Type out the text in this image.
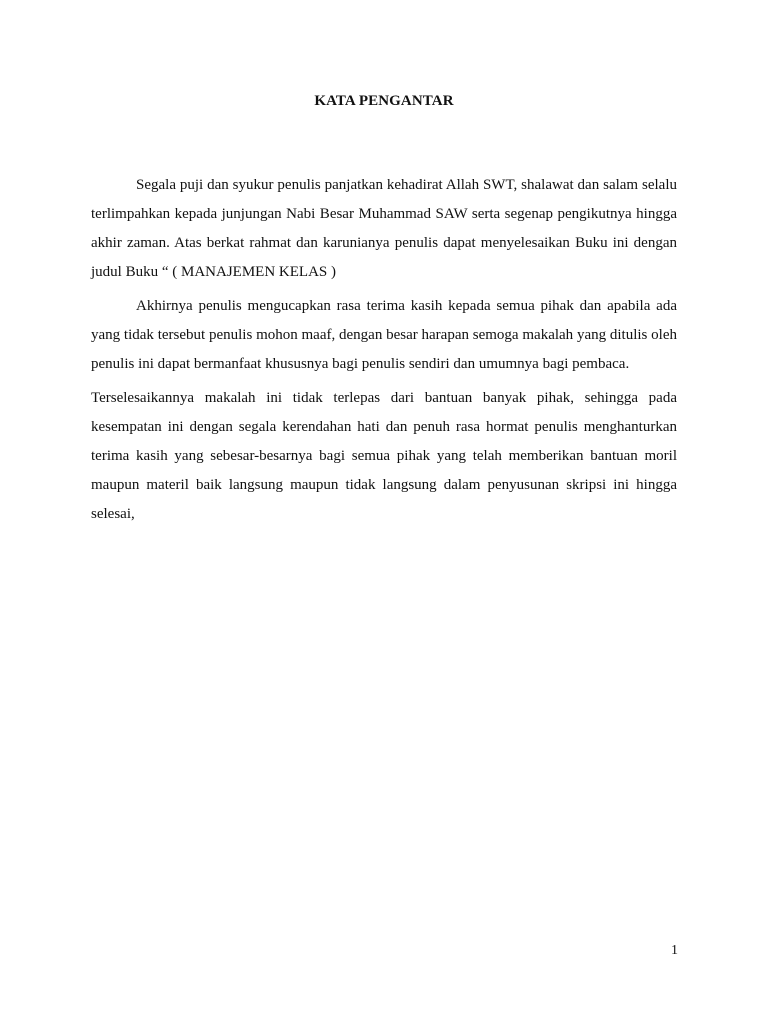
KATA PENGANTAR

Segala puji dan syukur penulis panjatkan kehadirat Allah SWT, shalawat dan salam selalu terlimpahkan kepada junjungan Nabi Besar Muhammad SAW serta segenap pengikutnya hingga akhir zaman. Atas berkat rahmat dan karunianya penulis dapat menyelesaikan Buku ini dengan judul Buku “ ( MANAJEMEN KELAS )

Akhirnya penulis mengucapkan rasa terima kasih kepada semua pihak dan apabila ada yang tidak tersebut penulis mohon maaf, dengan besar harapan semoga makalah yang ditulis oleh penulis ini dapat bermanfaat khususnya bagi penulis sendiri dan umumnya bagi pembaca.

Terselesaikannya makalah ini tidak terlepas dari bantuan banyak pihak, sehingga pada kesempatan ini dengan segala kerendahan hati dan penuh rasa hormat penulis menghanturkan terima kasih yang sebesar-besarnya bagi semua pihak yang telah memberikan bantuan moril maupun materil baik langsung maupun tidak langsung dalam penyusunan skripsi ini hingga selesai,

1
